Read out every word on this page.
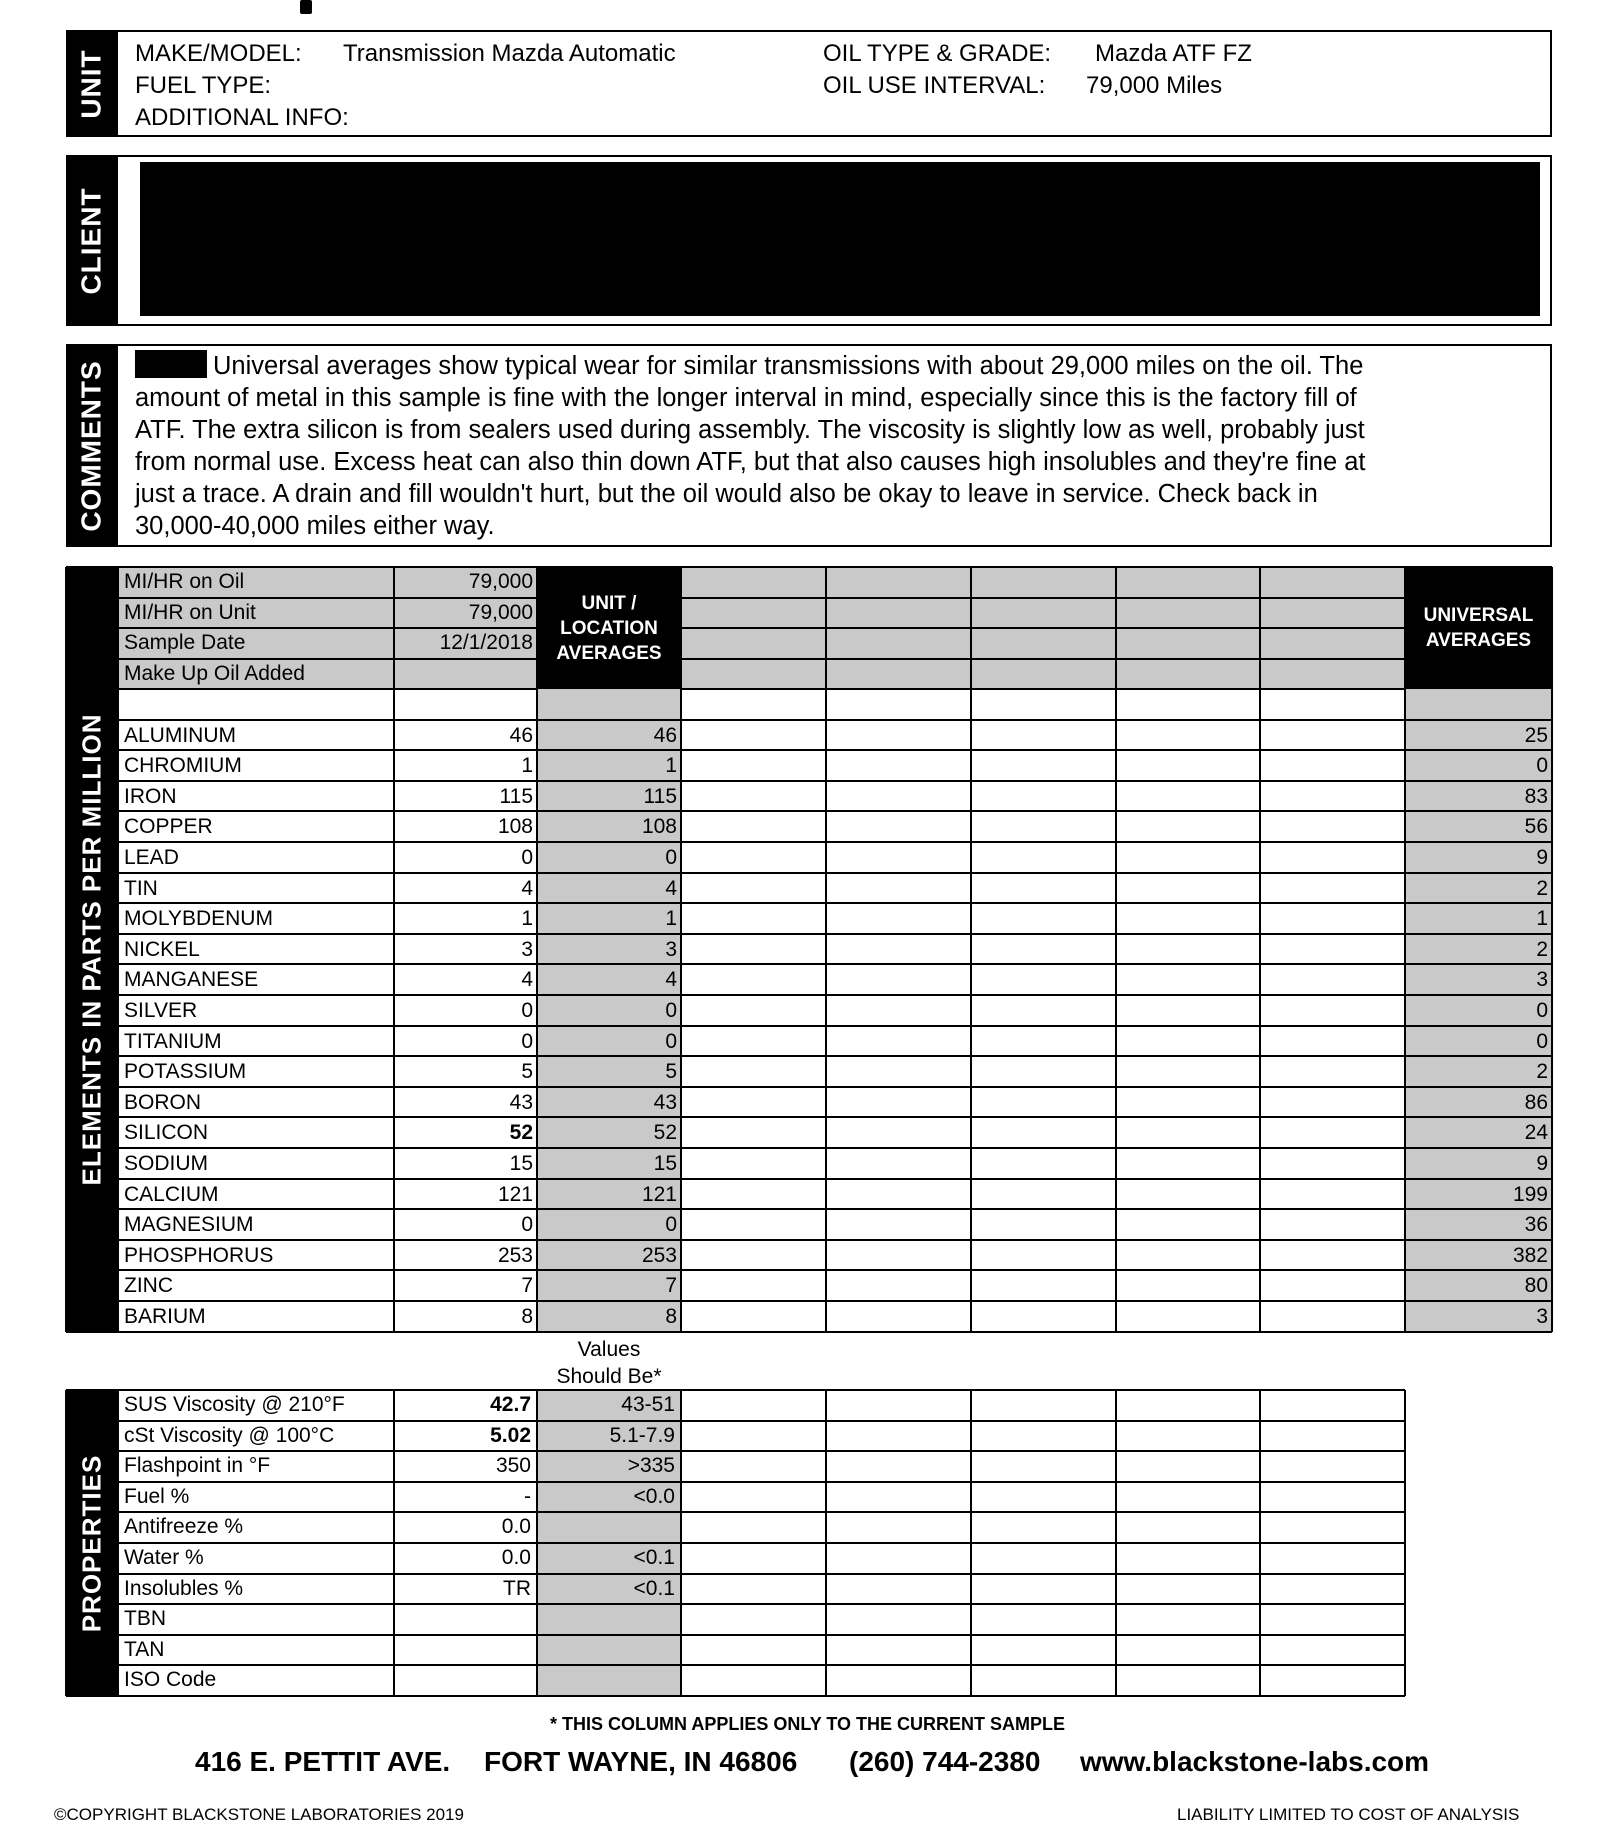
UNIT MAKE/MODEL: Transmission Mazda Automatic
FUEL TYPE:
ADDITIONAL INFO:
OIL TYPE & GRADE: Mazda ATF FZ
OIL USE INTERVAL: 79,000 Miles
CLIENT
COMMENTS	Universal averages show typical wear for similar transmissions with about 29,000 miles on the oil. The amount of metal in this sample is fine with the longer interval in mind, especially since this is the factory fill of ATF. The extra silicon is from sealers used during assembly. The viscosity is slightly low as well, probably just from normal use. Excess heat can also thin down ATF, but that also causes high insolubles and they're fine at just a trace. A drain and fill wouldn't hurt, but the oil would also be okay to leave in service. Check back in 30,000-40,000 miles either way.
ELEMENTS IN PARTS PER MILLION
UNIT / LOCATION AVERAGES
UNIVERSAL AVERAGES
MI/HR on Oil	79,000
MI/HR on Unit	79,000
Sample Date	12/1/2018
Make Up Oil Added
ALUMINUM	46	46	25
CHROMIUM	1	1	0
IRON	115	115	83
COPPER	108	108	56
LEAD	0	0	9
TIN	4	4	2
MOLYBDENUM	1	1	1
NICKEL	3	3	2
MANGANESE	4	4	3
SILVER	0	0	0
TITANIUM	0	0	0
POTASSIUM	5	5	2
BORON	43	43	86
SILICON	52	52	24
SODIUM	15	15	9
CALCIUM	121	121	199
MAGNESIUM	0	0	36
PHOSPHORUS	253	253	382
ZINC	7	7	80
BARIUM	8	8	3
Values
Should Be*
PROPERTIES
SUS Viscosity @ 210°F	42.7	43-51
cSt Viscosity @ 100°C	5.02	5.1-7.9
Flashpoint in °F	350	>335
Fuel %	-	<0.0
Antifreeze %	0.0
Water %	0.0	<0.1
Insolubles %	TR	<0.1
TBN
TAN
ISO Code
* THIS COLUMN APPLIES ONLY TO THE CURRENT SAMPLE
416 E. PETTIT AVE. FORT WAYNE, IN 46806 (260) 744-2380 www.blackstone-labs.com
©COPYRIGHT BLACKSTONE LABORATORIES 2019	LIABILITY LIMITED TO COST OF ANALYSIS
